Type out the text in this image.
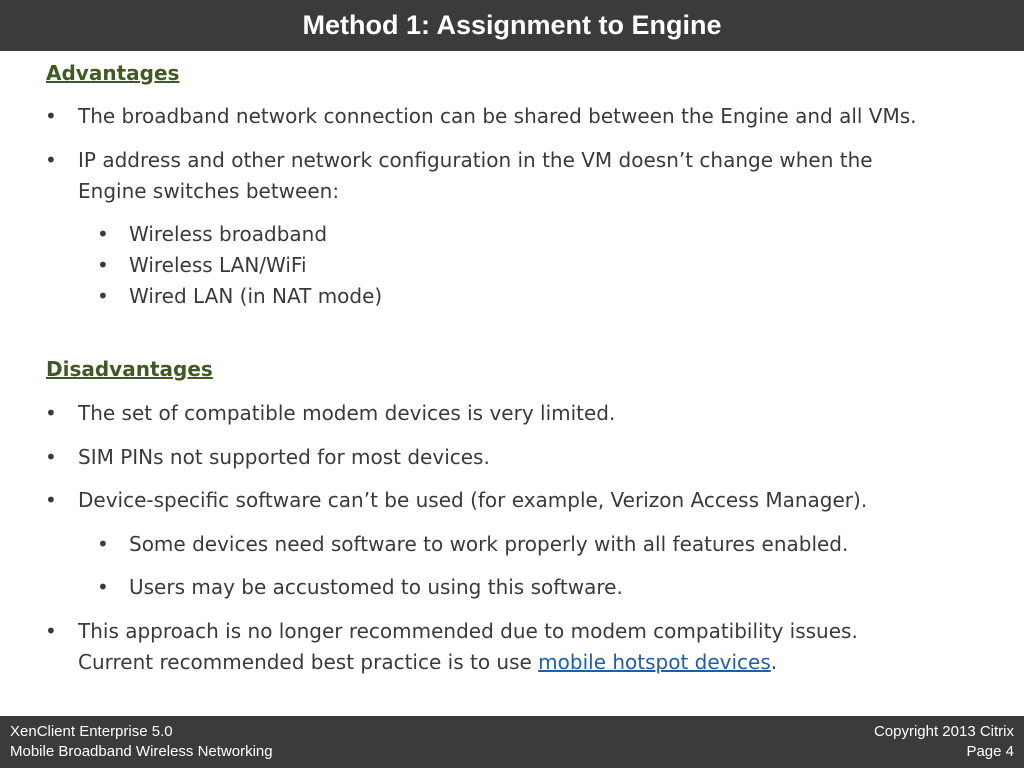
Method 1: Assignment to Engine
Advantages
• The broadband network connection can be shared between the Engine and all VMs.
• IP address and other network configuration in the VM doesn’t change when the
Engine switches between:
• Wireless broadband
• Wireless LAN/WiFi
• Wired LAN (in NAT mode)
Disadvantages
• The set of compatible modem devices is very limited.
• SIM PINs not supported for most devices.
• Device-specific software can’t be used (for example, Verizon Access Manager).
• Some devices need software to work properly with all features enabled.
• Users may be accustomed to using this software.
• This approach is no longer recommended due to modem compatibility issues.
Current recommended best practice is to use mobile hotspot devices.
XenClient Enterprise 5.0
Mobile Broadband Wireless Networking
Copyright 2013 Citrix
Page 4
